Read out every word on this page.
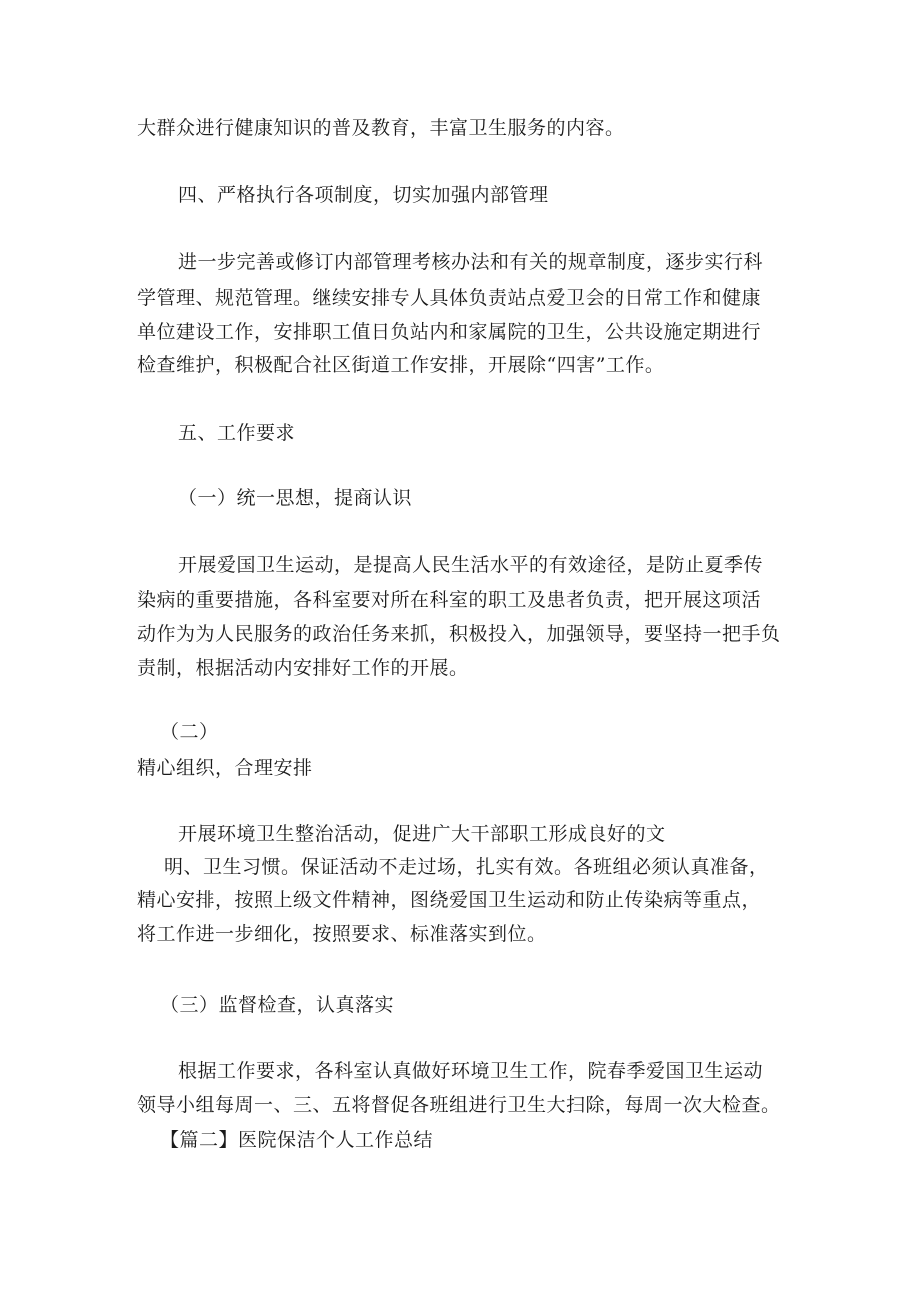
大群众进行健康知识的普及教育，丰富卫生服务的内容。
四、严格执行各项制度，切实加强内部管理
进一步完善或修订内部管理考核办法和有关的规章制度，逐步实行科
学管理、规范管理。继续安排专人具体负责站点爱卫会的日常工作和健康
单位建设工作，安排职工值日负站内和家属院的卫生，公共设施定期进行
检查维护，积极配合社区街道工作安排，开展除“四害”工作。
五、工作要求
（一）统一思想，提商认识
开展爱国卫生运动，是提高人民生活水平的有效途径，是防止夏季传
染病的重要措施，各科室要对所在科室的职工及患者负责，把开展这项活
动作为为人民服务的政治任务来抓，积极投入，加强领导，要坚持一把手负
责制，根据活动内安排好工作的开展。
（二）
精心组织，合理安排
开展环境卫生整治活动，促进广大干部职工形成良好的文
明、卫生习惯。保证活动不走过场，扎实有效。各班组必须认真准备，
精心安排，按照上级文件精神，图绕爱国卫生运动和防止传染病等重点，
将工作进一步细化，按照要求、标准落实到位。
（三）监督检查，认真落实
根据工作要求，各科室认真做好环境卫生工作，院春季爱国卫生运动
领导小组每周一、三、五将督促各班组进行卫生大扫除，每周一次大检查。
【篇二】医院保洁个人工作总结
